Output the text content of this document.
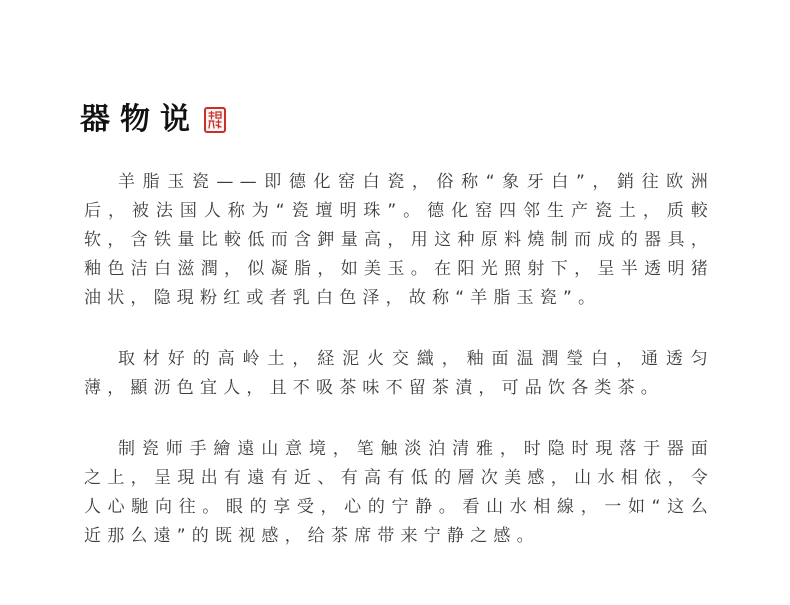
器物说

羊脂玉瓷——即德化窑白瓷，俗称“象牙白”，銷往欧洲后，被法国人称为“瓷壇明珠”。德化窑四邻生产瓷土，质較软，含铁量比較低而含鉀量高，用这种原料燒制而成的器具，釉色洁白滋潤，似凝脂，如美玉。在阳光照射下，呈半透明猪油状，隐現粉红或者乳白色泽，故称“羊脂玉瓷”。

取材好的高岭土，経泥火交織，釉面温潤瑩白，通透匀薄，顯沥色宜人，且不吸茶味不留茶漬，可品饮各类茶。

制瓷师手繪遠山意境，笔触淡泊清雅，时隐时現落于器面之上，呈現出有遠有近、有高有低的層次美感，山水相依，令人心馳向往。眼的享受，心的宁静。看山水相線，一如“这么近那么遠”的既视感，给茶席带来宁静之感。
